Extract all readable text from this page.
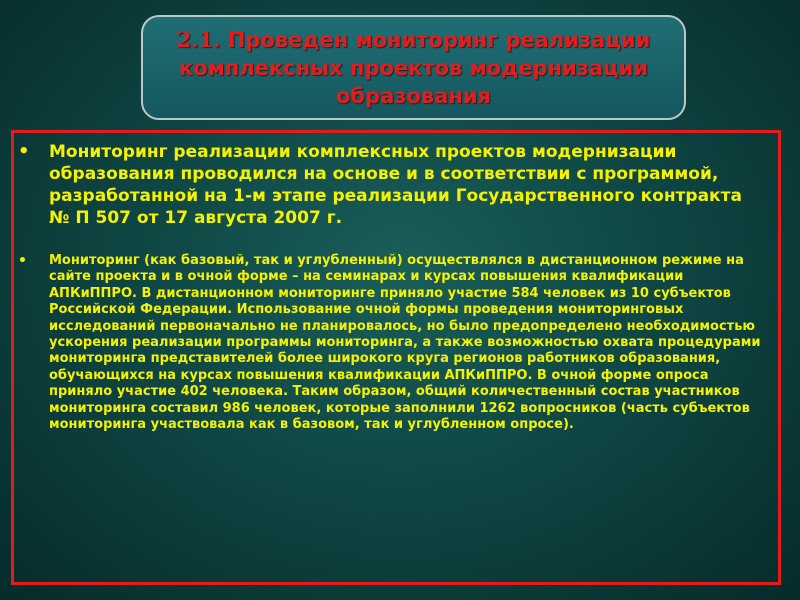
2.1. Проведен мониторинг реализации комплексных проектов модернизации образования
• Мониторинг реализации комплексных проектов модернизации образования проводился на основе и в соответствии с программой, разработанной на 1-м этапе реализации Государственного контракта № П 507 от 17 августа 2007 г.
• Мониторинг (как базовый, так и углубленный) осуществлялся в дистанционном режиме на сайте проекта и в очной форме – на семинарах и курсах повышения квалификации АПКиППРО. В дистанционном мониторинге приняло участие 584 человек из 10 субъектов Российской Федерации. Использование очной формы проведения мониторинговых исследований первоначально не планировалось, но было предопределено необходимостью ускорения реализации программы мониторинга, а также возможностью охвата процедурами мониторинга представителей более широкого круга регионов работников образования, обучающихся на курсах повышения квалификации АПКиППРО. В очной форме опроса приняло участие 402 человека. Таким образом, общий количественный состав участников мониторинга составил 986 человек, которые заполнили 1262 вопросников (часть субъектов мониторинга участвовала как в базовом, так и углубленном опросе).
